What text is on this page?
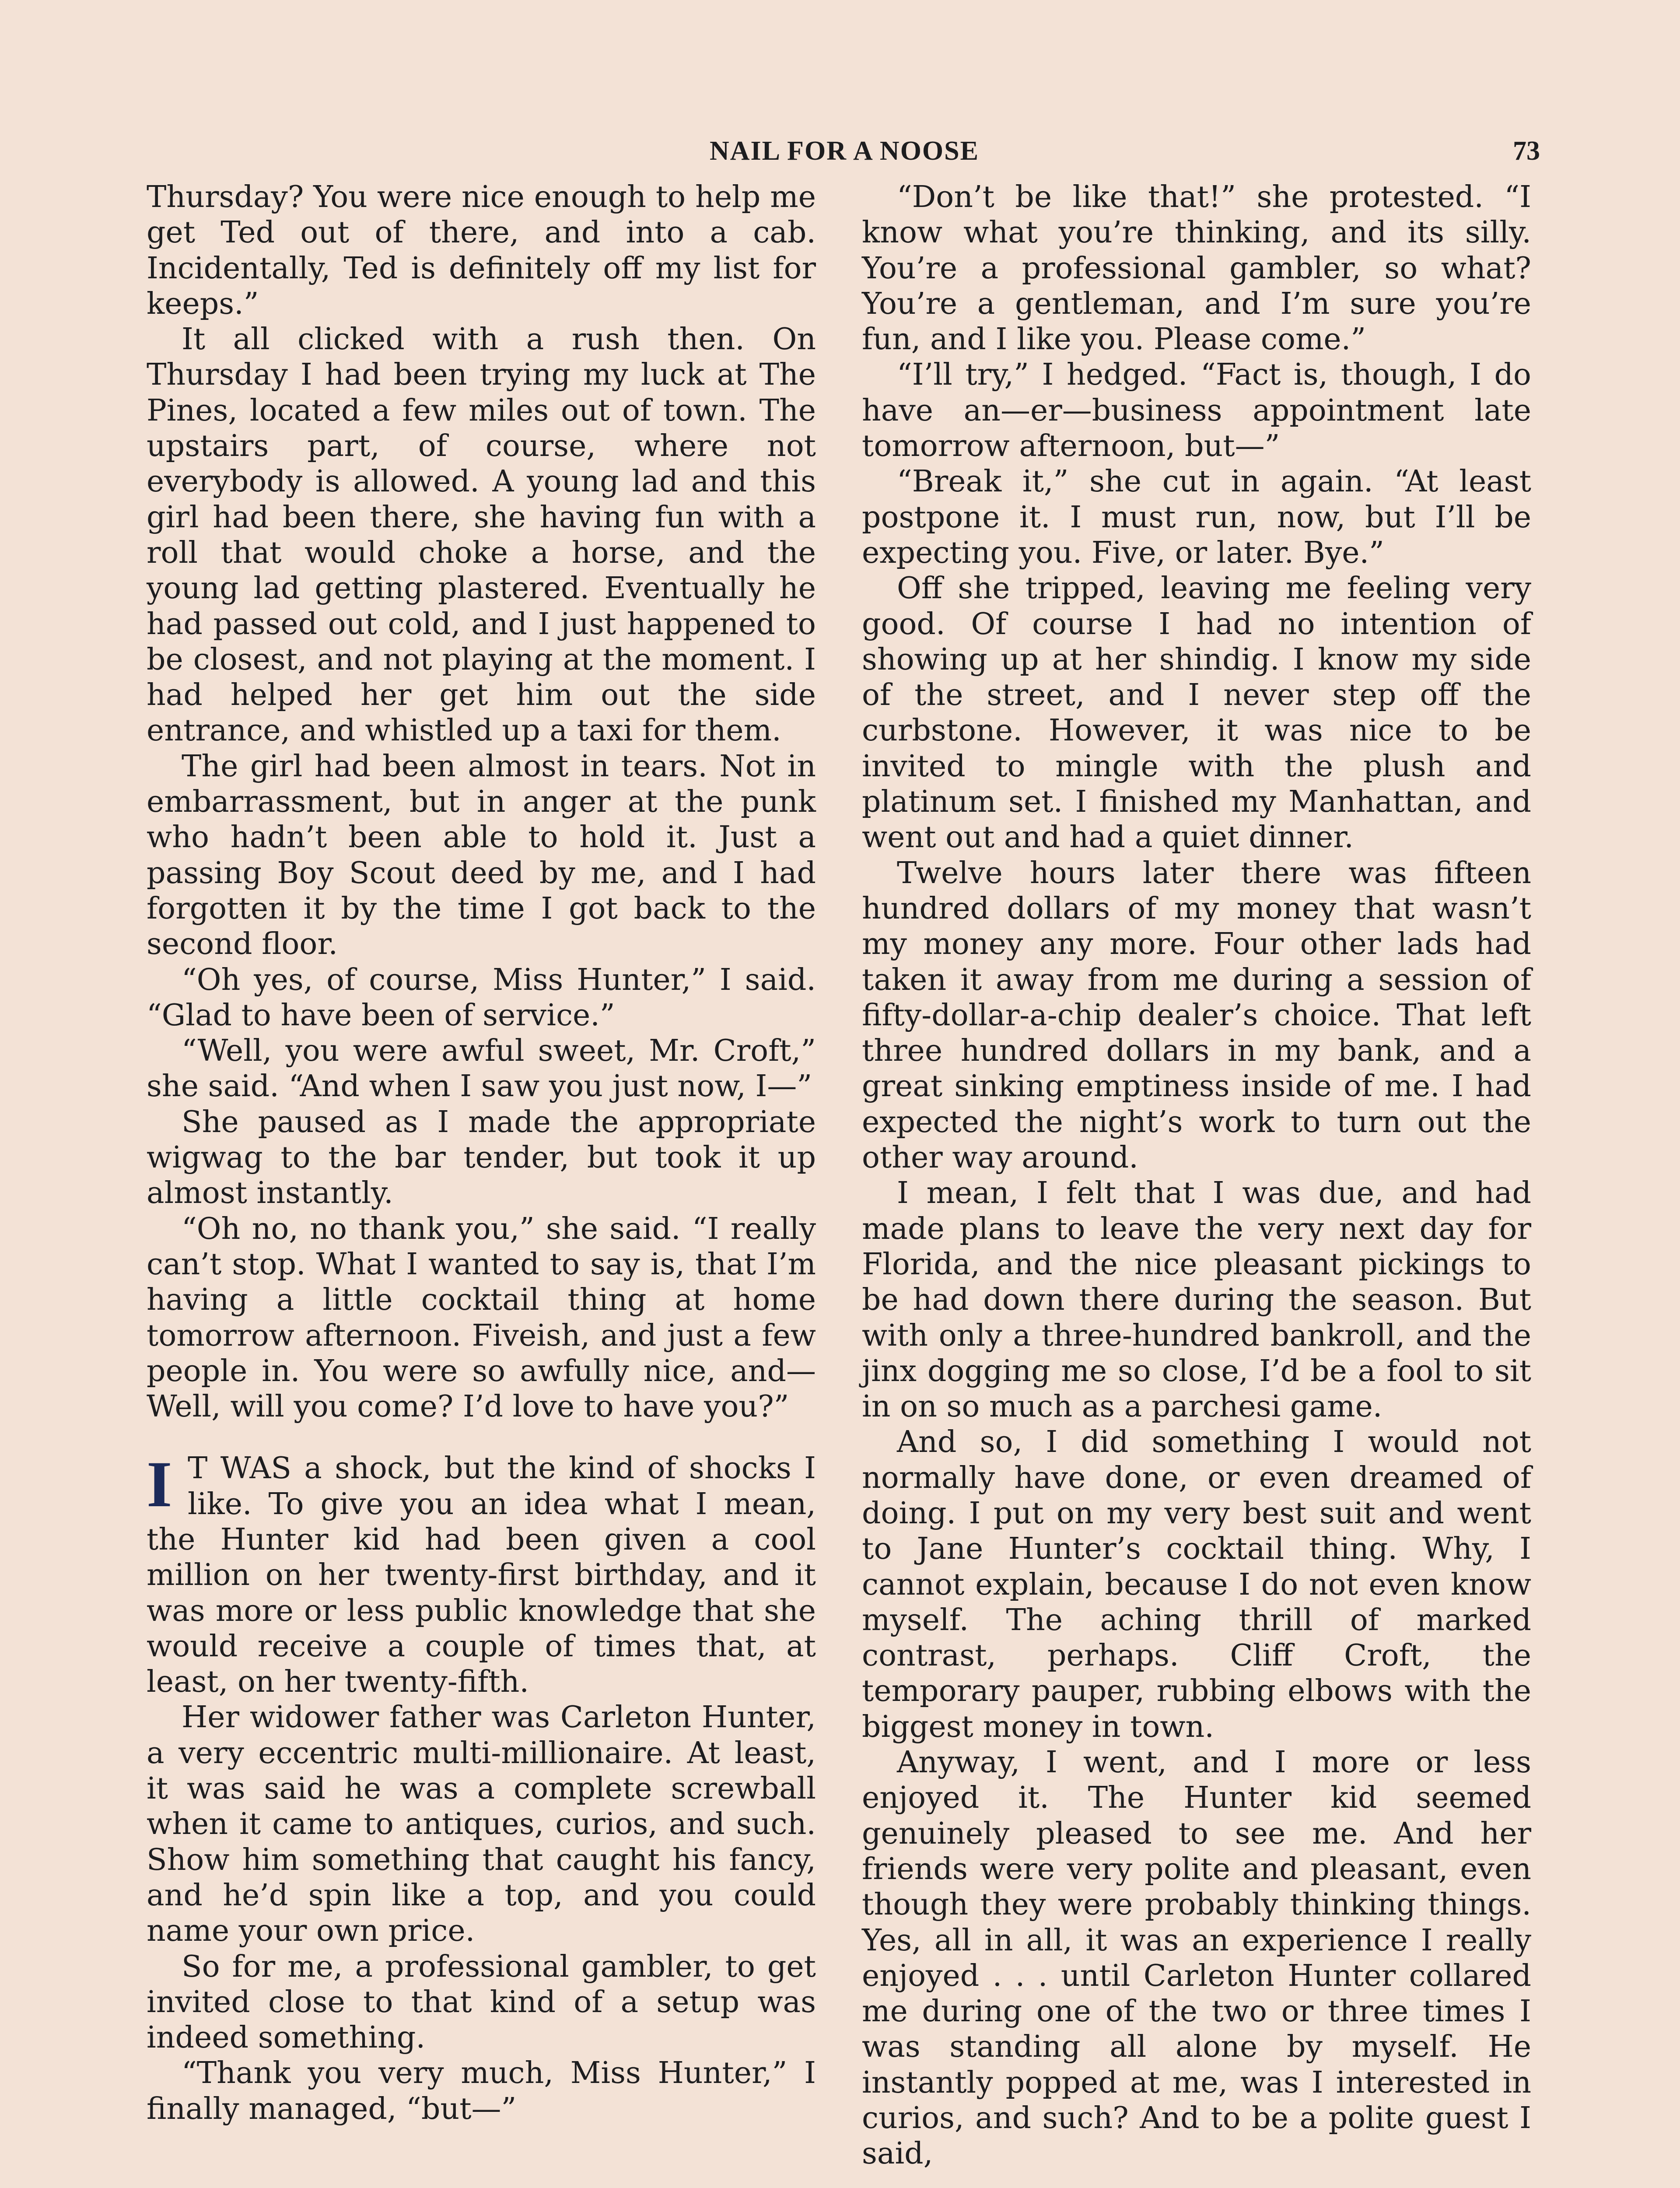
NAIL FOR A NOOSE	73

Thursday? You were nice enough to help me get Ted out of there, and into a cab. Incidentally, Ted is definitely off my list for keeps.”

It all clicked with a rush then. On Thursday I had been trying my luck at The Pines, located a few miles out of town. The upstairs part, of course, where not everybody is allowed. A young lad and this girl had been there, she having fun with a roll that would choke a horse, and the young lad getting plastered. Eventually he had passed out cold, and I just happened to be closest, and not playing at the moment. I had helped her get him out the side entrance, and whistled up a taxi for them.

The girl had been almost in tears. Not in embarrassment, but in anger at the punk who hadn’t been able to hold it. Just a passing Boy Scout deed by me, and I had forgotten it by the time I got back to the second floor.

“Oh yes, of course, Miss Hunter,” I said. “Glad to have been of service.”

“Well, you were awful sweet, Mr. Croft,” she said. “And when I saw you just now, I—”

She paused as I made the appropriate wigwag to the bar tender, but took it up almost instantly.

“Oh no, no thank you,” she said. “I really can’t stop. What I wanted to say is, that I’m having a little cocktail thing at home tomorrow afternoon. Fiveish, and just a few people in. You were so awfully nice, and—Well, will you come? I’d love to have you?”

I T WAS a shock, but the kind of shocks I like. To give you an idea what I mean, the Hunter kid had been given a cool million on her twenty-first birthday, and it was more or less public knowledge that she would receive a couple of times that, at least, on her twenty-fifth.

Her widower father was Carleton Hunter, a very eccentric multi-millionaire. At least, it was said he was a complete screwball when it came to antiques, curios, and such. Show him something that caught his fancy, and he’d spin like a top, and you could name your own price.

So for me, a professional gambler, to get invited close to that kind of a setup was indeed something.

“Thank you very much, Miss Hunter,” I finally managed, “but—”

“Don’t be like that!” she protested. “I know what you’re thinking, and its silly. You’re a professional gambler, so what? You’re a gentleman, and I’m sure you’re fun, and I like you. Please come.”

“I’ll try,” I hedged. “Fact is, though, I do have an—er—business appointment late tomorrow afternoon, but—”

“Break it,” she cut in again. “At least postpone it. I must run, now, but I’ll be expecting you. Five, or later. Bye.”

Off she tripped, leaving me feeling very good. Of course I had no intention of showing up at her shindig. I know my side of the street, and I never step off the curbstone. However, it was nice to be invited to mingle with the plush and platinum set. I finished my Manhattan, and went out and had a quiet dinner.

Twelve hours later there was fifteen hundred dollars of my money that wasn’t my money any more. Four other lads had taken it away from me during a session of fifty-dollar-a-chip dealer’s choice. That left three hundred dollars in my bank, and a great sinking emptiness inside of me. I had expected the night’s work to turn out the other way around.

I mean, I felt that I was due, and had made plans to leave the very next day for Florida, and the nice pleasant pickings to be had down there during the season. But with only a three-hundred bankroll, and the jinx dogging me so close, I’d be a fool to sit in on so much as a parchesi game.

And so, I did something I would not normally have done, or even dreamed of doing. I put on my very best suit and went to Jane Hunter’s cocktail thing. Why, I cannot explain, because I do not even know myself. The aching thrill of marked contrast, perhaps. Cliff Croft, the temporary pauper, rubbing elbows with the biggest money in town.

Anyway, I went, and I more or less enjoyed it. The Hunter kid seemed genuinely pleased to see me. And her friends were very polite and pleasant, even though they were probably thinking things. Yes, all in all, it was an experience I really enjoyed . . . until Carleton Hunter collared me during one of the two or three times I was standing all alone by myself. He instantly popped at me, was I interested in curios, and such? And to be a polite guest I said,
